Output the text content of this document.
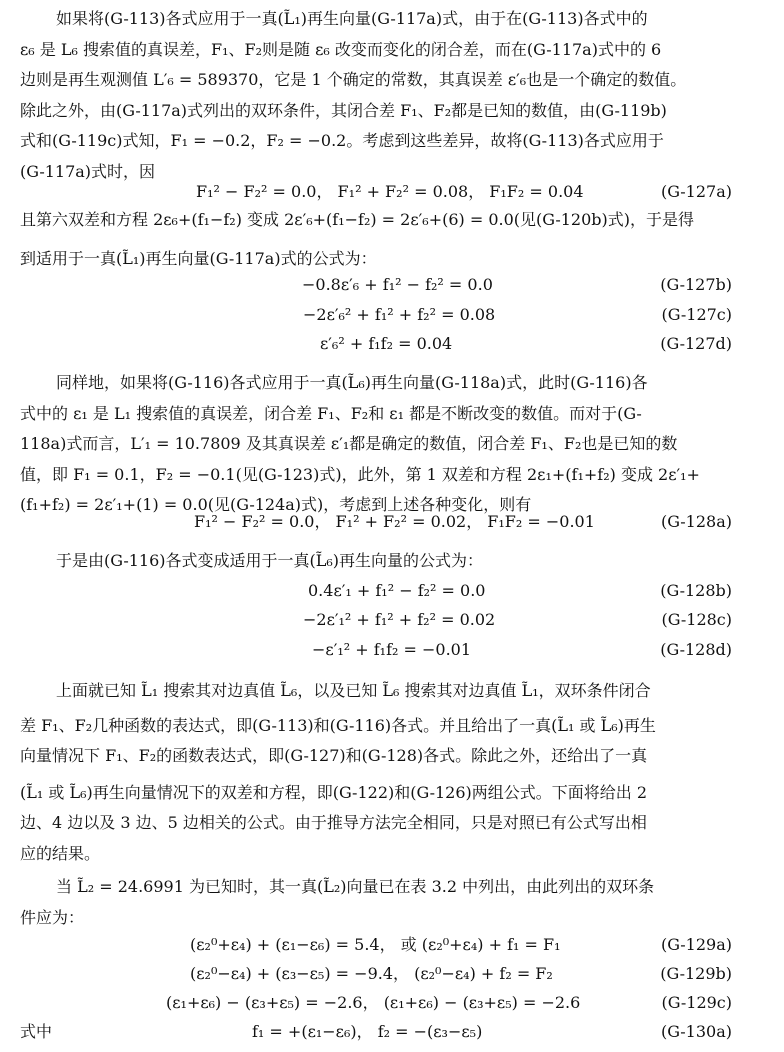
如果将(G-113)各式应用于一真(L̃₁)再生向量(G-117a)式，由于在(G-113)各式中的
ε₆ 是 L₆ 搜索值的真误差，F₁、F₂则是随 ε₆ 改变而变化的闭合差，而在(G-117a)式中的 6
边则是再生观测值 L′₆ = 589370，它是 1 个确定的常数，其真误差 ε′₆也是一个确定的数值。
除此之外，由(G-117a)式列出的双环条件，其闭合差 F₁、F₂都是已知的数值，由(G-119b)
式和(G-119c)式知，F₁ = −0.2，F₂ = −0.2。考虑到这些差异，故将(G-113)各式应用于
(G-117a)式时，因
F₁² − F₂² = 0.0， F₁² + F₂² = 0.08， F₁F₂ = 0.04	(G-127a)
且第六双差和方程 2ε₆+(f₁−f₂) 变成 2ε′₆+(f₁−f₂) = 2ε′₆+(6) = 0.0(见(G-120b)式)，于是得
到适用于一真(L̃₁)再生向量(G-117a)式的公式为：
−0.8ε′₆ + f₁² − f₂² = 0.0	(G-127b)
−2ε′₆² + f₁² + f₂² = 0.08	(G-127c)
ε′₆² + f₁f₂ = 0.04	(G-127d)
同样地，如果将(G-116)各式应用于一真(L̃₆)再生向量(G-118a)式，此时(G-116)各
式中的 ε₁ 是 L₁ 搜索值的真误差，闭合差 F₁、F₂和 ε₁ 都是不断改变的数值。而对于(G-
118a)式而言，L′₁ = 10.7809 及其真误差 ε′₁都是确定的数值，闭合差 F₁、F₂也是已知的数
值，即 F₁ = 0.1，F₂ = −0.1(见(G-123)式)，此外，第 1 双差和方程 2ε₁+(f₁+f₂) 变成 2ε′₁+
(f₁+f₂) = 2ε′₁+(1) = 0.0(见(G-124a)式)，考虑到上述各种变化，则有
F₁² − F₂² = 0.0， F₁² + F₂² = 0.02， F₁F₂ = −0.01	(G-128a)
于是由(G-116)各式变成适用于一真(L̃₆)再生向量的公式为：
0.4ε′₁ + f₁² − f₂² = 0.0	(G-128b)
−2ε′₁² + f₁² + f₂² = 0.02	(G-128c)
−ε′₁² + f₁f₂ = −0.01	(G-128d)
上面就已知 L̃₁ 搜索其对边真值 L̃₆，以及已知 L̃₆ 搜索其对边真值 L̃₁，双环条件闭合
差 F₁、F₂几种函数的表达式，即(G-113)和(G-116)各式。并且给出了一真(L̃₁ 或 L̃₆)再生
向量情况下 F₁、F₂的函数表达式，即(G-127)和(G-128)各式。除此之外，还给出了一真
(L̃₁ 或 L̃₆)再生向量情况下的双差和方程，即(G-122)和(G-126)两组公式。下面将给出 2
边、4 边以及 3 边、5 边相关的公式。由于推导方法完全相同，只是对照已有公式写出相
应的结果。
当 L̃₂ = 24.6991 为已知时，其一真(L̃₂)向量已在表 3.2 中列出，由此列出的双环条
件应为：
(ε₂⁰+ε₄) + (ε₁−ε₆) = 5.4， 或 (ε₂⁰+ε₄) + f₁ = F₁	(G-129a)
(ε₂⁰−ε₄) + (ε₃−ε₅) = −9.4， (ε₂⁰−ε₄) + f₂ = F₂	(G-129b)
(ε₁+ε₆) − (ε₃+ε₅) = −2.6， (ε₁+ε₆) − (ε₃+ε₅) = −2.6	(G-129c)
式中	f₁ = +(ε₁−ε₆)， f₂ = −(ε₃−ε₅)	(G-130a)
